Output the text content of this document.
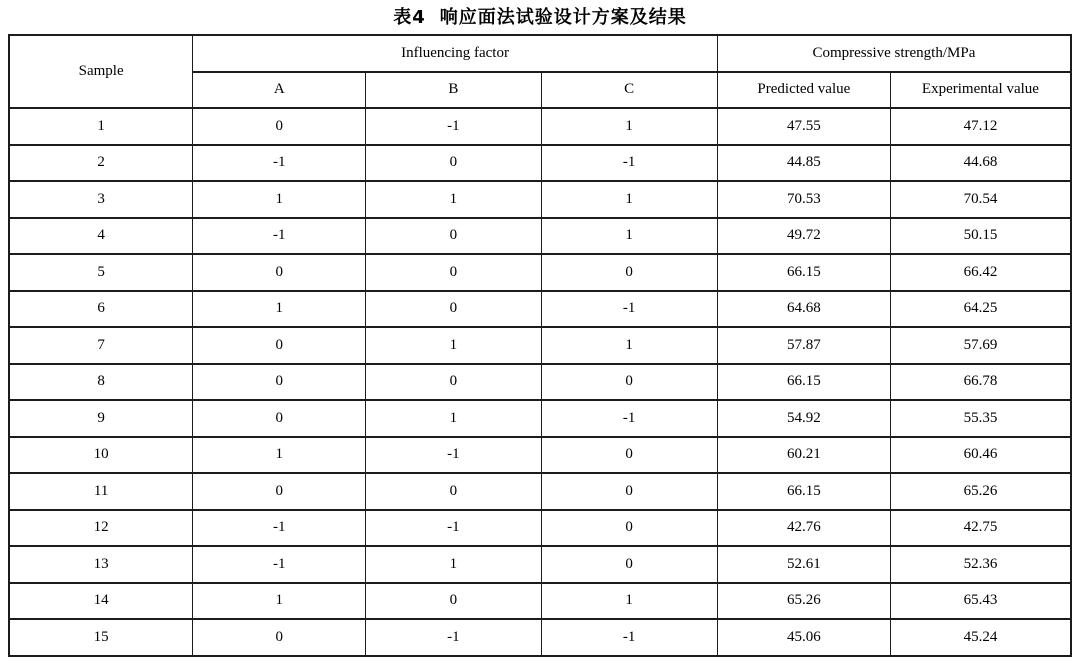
表4 响应面法试验设计方案及结果
Sample	Influencing factor			Compressive strength/MPa	
	A	B	C	Predicted value	Experimental value
1	0	-1	1	47.55	47.12
2	-1	0	-1	44.85	44.68
3	1	1	1	70.53	70.54
4	-1	0	1	49.72	50.15
5	0	0	0	66.15	66.42
6	1	0	-1	64.68	64.25
7	0	1	1	57.87	57.69
8	0	0	0	66.15	66.78
9	0	1	-1	54.92	55.35
10	1	-1	0	60.21	60.46
11	0	0	0	66.15	65.26
12	-1	-1	0	42.76	42.75
13	-1	1	0	52.61	52.36
14	1	0	1	65.26	65.43
15	0	-1	-1	45.06	45.24
